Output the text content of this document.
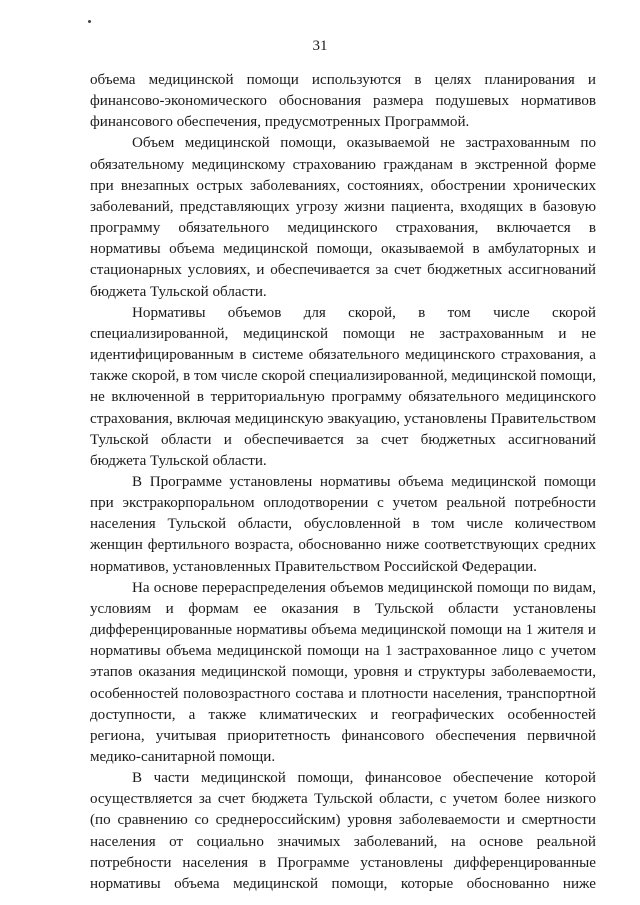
31

объема медицинской помощи используются в целях планирования и финансово-экономического обоснования размера подушевых нормативов финансового обеспечения, предусмотренных Программой.

Объем медицинской помощи, оказываемой не застрахованным по обязательному медицинскому страхованию гражданам в экстренной форме при внезапных острых заболеваниях, состояниях, обострении хронических заболеваний, представляющих угрозу жизни пациента, входящих в базовую программу обязательного медицинского страхования, включается в нормативы объема медицинской помощи, оказываемой в амбулаторных и стационарных условиях, и обеспечивается за счет бюджетных ассигнований бюджета Тульской области.

Нормативы объемов для скорой, в том числе скорой специализированной, медицинской помощи не застрахованным и не идентифицированным в системе обязательного медицинского страхования, а также скорой, в том числе скорой специализированной, медицинской помощи, не включенной в территориальную программу обязательного медицинского страхования, включая медицинскую эвакуацию, установлены Правительством Тульской области и обеспечивается за счет бюджетных ассигнований бюджета Тульской области.

В Программе установлены нормативы объема медицинской помощи при экстракорпоральном оплодотворении с учетом реальной потребности населения Тульской области, обусловленной в том числе количеством женщин фертильного возраста, обоснованно ниже соответствующих средних нормативов, установленных Правительством Российской Федерации.

На основе перераспределения объемов медицинской помощи по видам, условиям и формам ее оказания в Тульской области установлены дифференцированные нормативы объема медицинской помощи на 1 жителя и нормативы объема медицинской помощи на 1 застрахованное лицо с учетом этапов оказания медицинской помощи, уровня и структуры заболеваемости, особенностей половозрастного состава и плотности населения, транспортной доступности, а также климатических и географических особенностей региона, учитывая приоритетность финансового обеспечения первичной медико-санитарной помощи.

В части медицинской помощи, финансовое обеспечение которой осуществляется за счет бюджета Тульской области, с учетом более низкого (по сравнению со среднероссийским) уровня заболеваемости и смертности населения от социально значимых заболеваний, на основе реальной потребности населения в Программе установлены дифференцированные нормативы объема медицинской помощи, которые обоснованно ниже
